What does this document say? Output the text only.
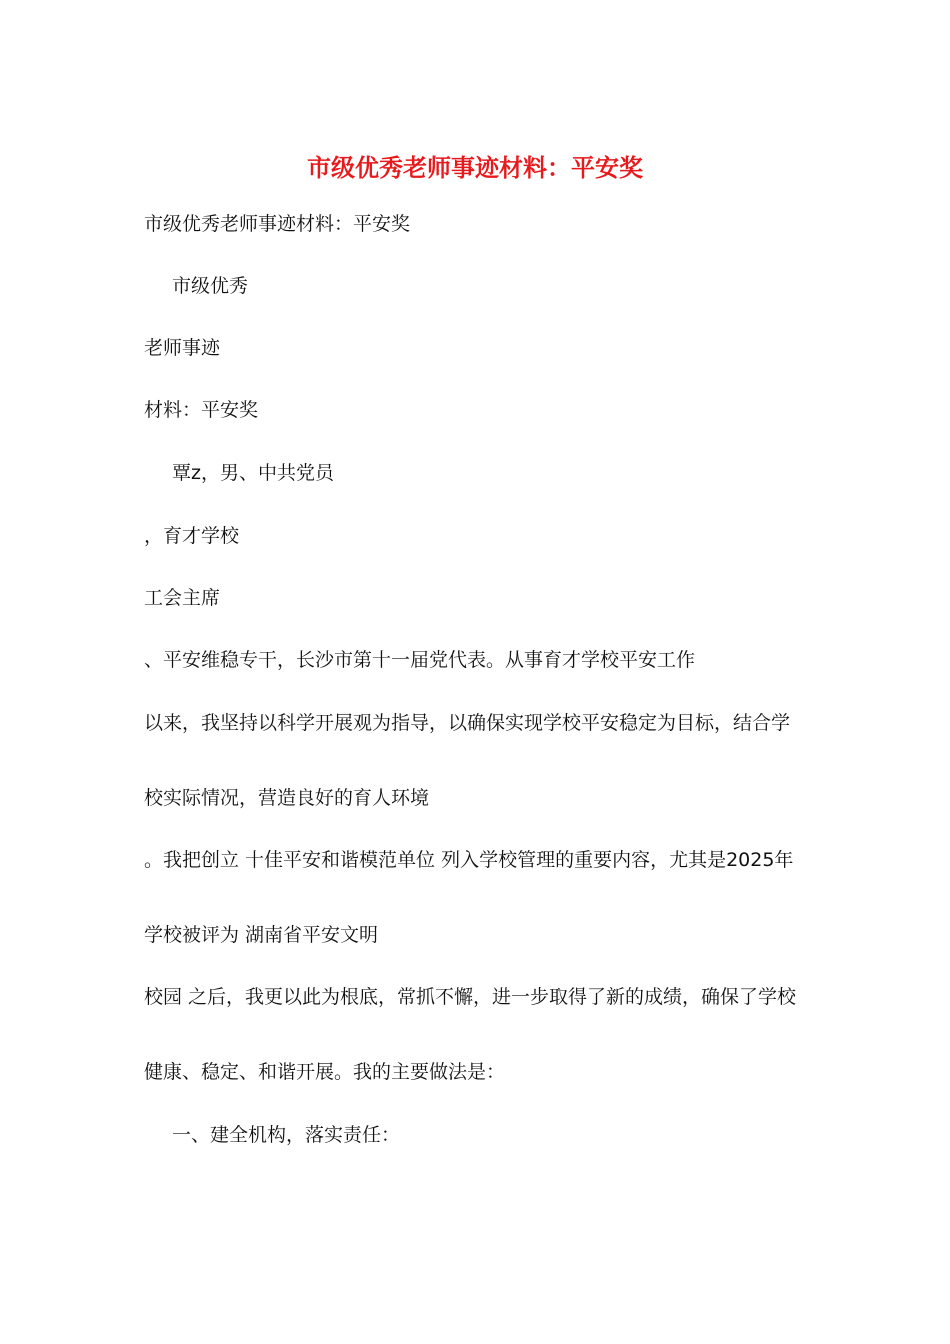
市级优秀老师事迹材料：平安奖
市级优秀老师事迹材料：平安奖
市级优秀
老师事迹
材料：平安奖
覃z，男、中共党员
，育才学校
工会主席
、平安维稳专干，长沙市第十一届党代表。从事育才学校平安工作
以来，我坚持以科学开展观为指导，以确保实现学校平安稳定为目标，结合学
校实际情况，营造良好的育人环境
。我把创立 十佳平安和谐模范单位 列入学校管理的重要内容，尤其是2025年
学校被评为 湖南省平安文明
校园 之后，我更以此为根底，常抓不懈，进一步取得了新的成绩，确保了学校
健康、稳定、和谐开展。我的主要做法是：
一、建全机构，落实责任：
